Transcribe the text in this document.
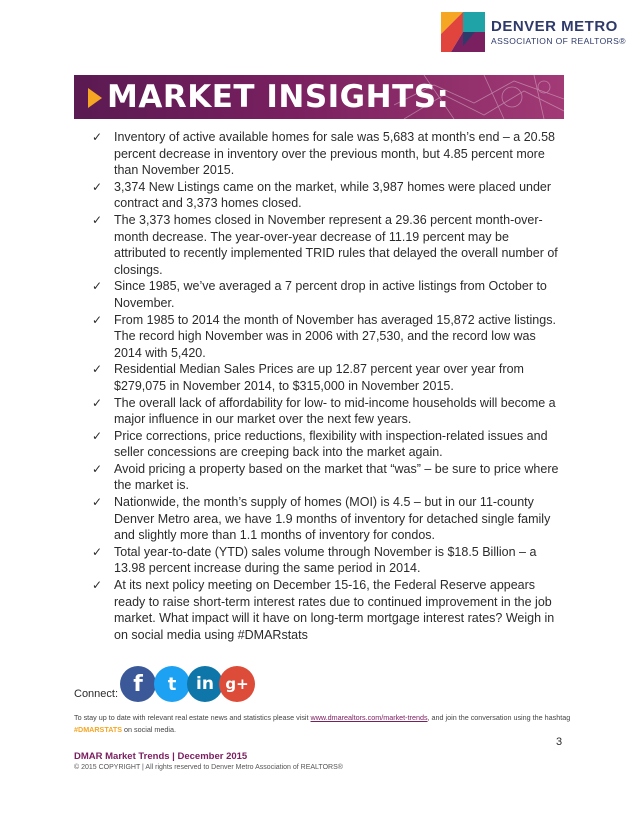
DENVER METRO
ASSOCIATION OF REALTORS®
MARKET INSIGHTS:
✓ Inventory of active available homes for sale was 5,683 at month’s end – a 20.58 percent decrease in inventory over the previous month, but 4.85 percent more than November 2015.
✓ 3,374 New Listings came on the market, while 3,987 homes were placed under contract and 3,373 homes closed.
✓ The 3,373 homes closed in November represent a 29.36 percent month-over-month decrease. The year-over-year decrease of 11.19 percent may be attributed to recently implemented TRID rules that delayed the overall number of closings.
✓ Since 1985, we’ve averaged a 7 percent drop in active listings from October to November.
✓ From 1985 to 2014 the month of November has averaged 15,872 active listings. The record high November was in 2006 with 27,530, and the record low was 2014 with 5,420.
✓ Residential Median Sales Prices are up 12.87 percent year over year from $279,075 in November 2014, to $315,000 in November 2015.
✓ The overall lack of affordability for low- to mid-income households will become a major influence in our market over the next few years.
✓ Price corrections, price reductions, flexibility with inspection-related issues and seller concessions are creeping back into the market again.
✓ Avoid pricing a property based on the market that “was” – be sure to price where the market is.
✓ Nationwide, the month’s supply of homes (MOI) is 4.5 – but in our 11-county Denver Metro area, we have 1.9 months of inventory for detached single family and slightly more than 1.1 months of inventory for condos.
✓ Total year-to-date (YTD) sales volume through November is $18.5 Billion – a 13.98 percent increase during the same period in 2014.
✓ At its next policy meeting on December 15-16, the Federal Reserve appears ready to raise short-term interest rates due to continued improvement in the job market. What impact will it have on long-term mortgage interest rates? Weigh in on social media using #DMARstats
Connect: f	t	in g+
To stay up to date with relevant real estate news and statistics please visit www.dmarealtors.com/market-trends, and join the conversation using the hashtag #DMARSTATS on social media.
3
DMAR Market Trends | December 2015
© 2015 COPYRIGHT | All rights reserved to Denver Metro Association of REALTORS®
